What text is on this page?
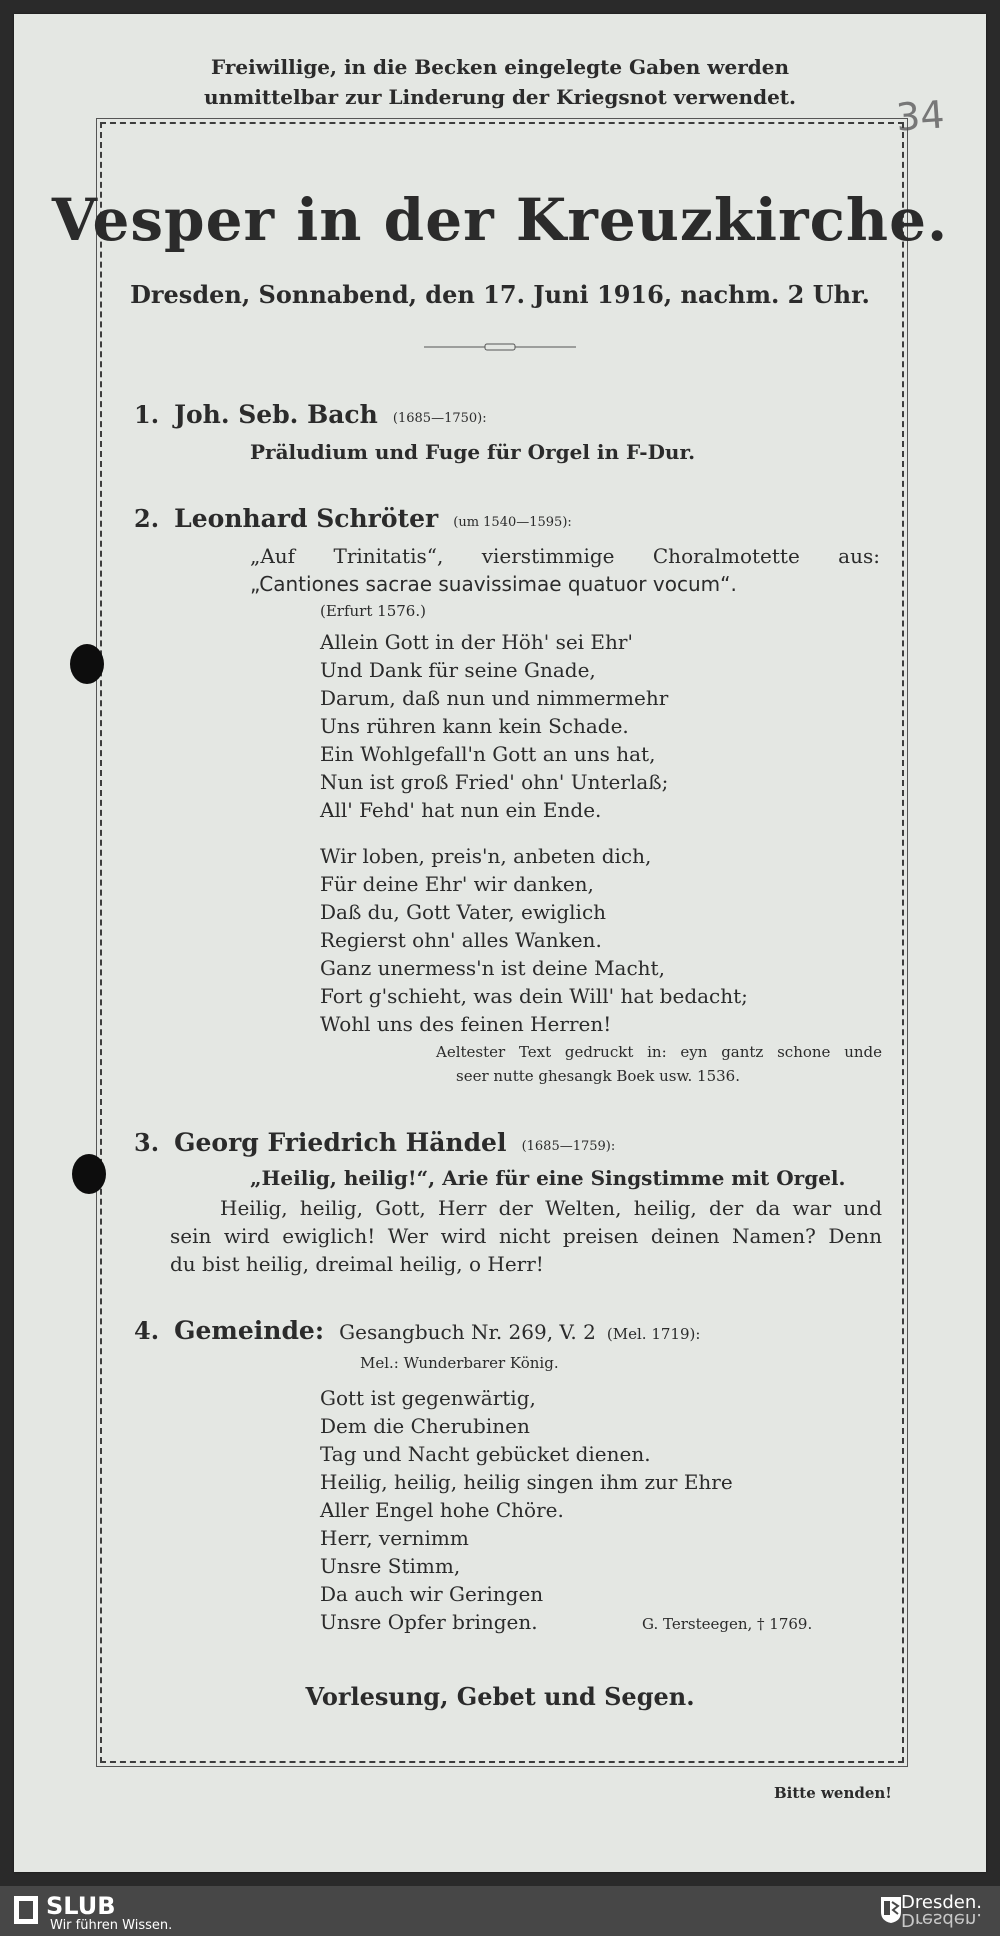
Freiwillige, in die Becken eingelegte Gaben werden
unmittelbar zur Linderung der Kriegsnot verwendet.	34
Vesper in der Kreuzkirche.
Dresden, Sonnabend, den 17. Juni 1916, nachm. 2 Uhr.
1. Joh. Seb. Bach (1685—1750):
Präludium und Fuge für Orgel in F-Dur.
2. Leonhard Schröter (um 1540—1595):
„Auf Trinitatis“, vierstimmige Choralmotette aus:
„Cantiones sacrae suavissimae quatuor vocum“.
(Erfurt 1576.)
Allein Gott in der Höh' sei Ehr'
Und Dank für seine Gnade,
Darum, daß nun und nimmermehr
Uns rühren kann kein Schade.
Ein Wohlgefall'n Gott an uns hat,
Nun ist groß Fried' ohn' Unterlaß;
All' Fehd' hat nun ein Ende.
Wir loben, preis'n, anbeten dich,
Für deine Ehr' wir danken,
Daß du, Gott Vater, ewiglich
Regierst ohn' alles Wanken.
Ganz unermess'n ist deine Macht,
Fort g'schieht, was dein Will' hat bedacht;
Wohl uns des feinen Herren!
Aeltester Text gedruckt in: eyn gantz schone unde
seer nutte ghesangk Boek usw. 1536.
3. Georg Friedrich Händel (1685—1759):
„Heilig, heilig!“, Arie für eine Singstimme mit Orgel.
Heilig, heilig, Gott, Herr der Welten, heilig, der da war und
sein wird ewiglich! Wer wird nicht preisen deinen Namen? Denn
du bist heilig, dreimal heilig, o Herr!
4. Gemeinde: Gesangbuch Nr. 269, V. 2 (Mel. 1719):
Mel.: Wunderbarer König.
Gott ist gegenwärtig,
Dem die Cherubinen
Tag und Nacht gebücket dienen.
Heilig, heilig, heilig singen ihm zur Ehre
Aller Engel hohe Chöre.
Herr, vernimm
Unsre Stimm,
Da auch wir Geringen
Unsre Opfer bringen.	G. Tersteegen, † 1769.
Vorlesung, Gebet und Segen.
Bitte wenden!
SLUB
Wir führen Wissen.
Dresden.
Dresden.
